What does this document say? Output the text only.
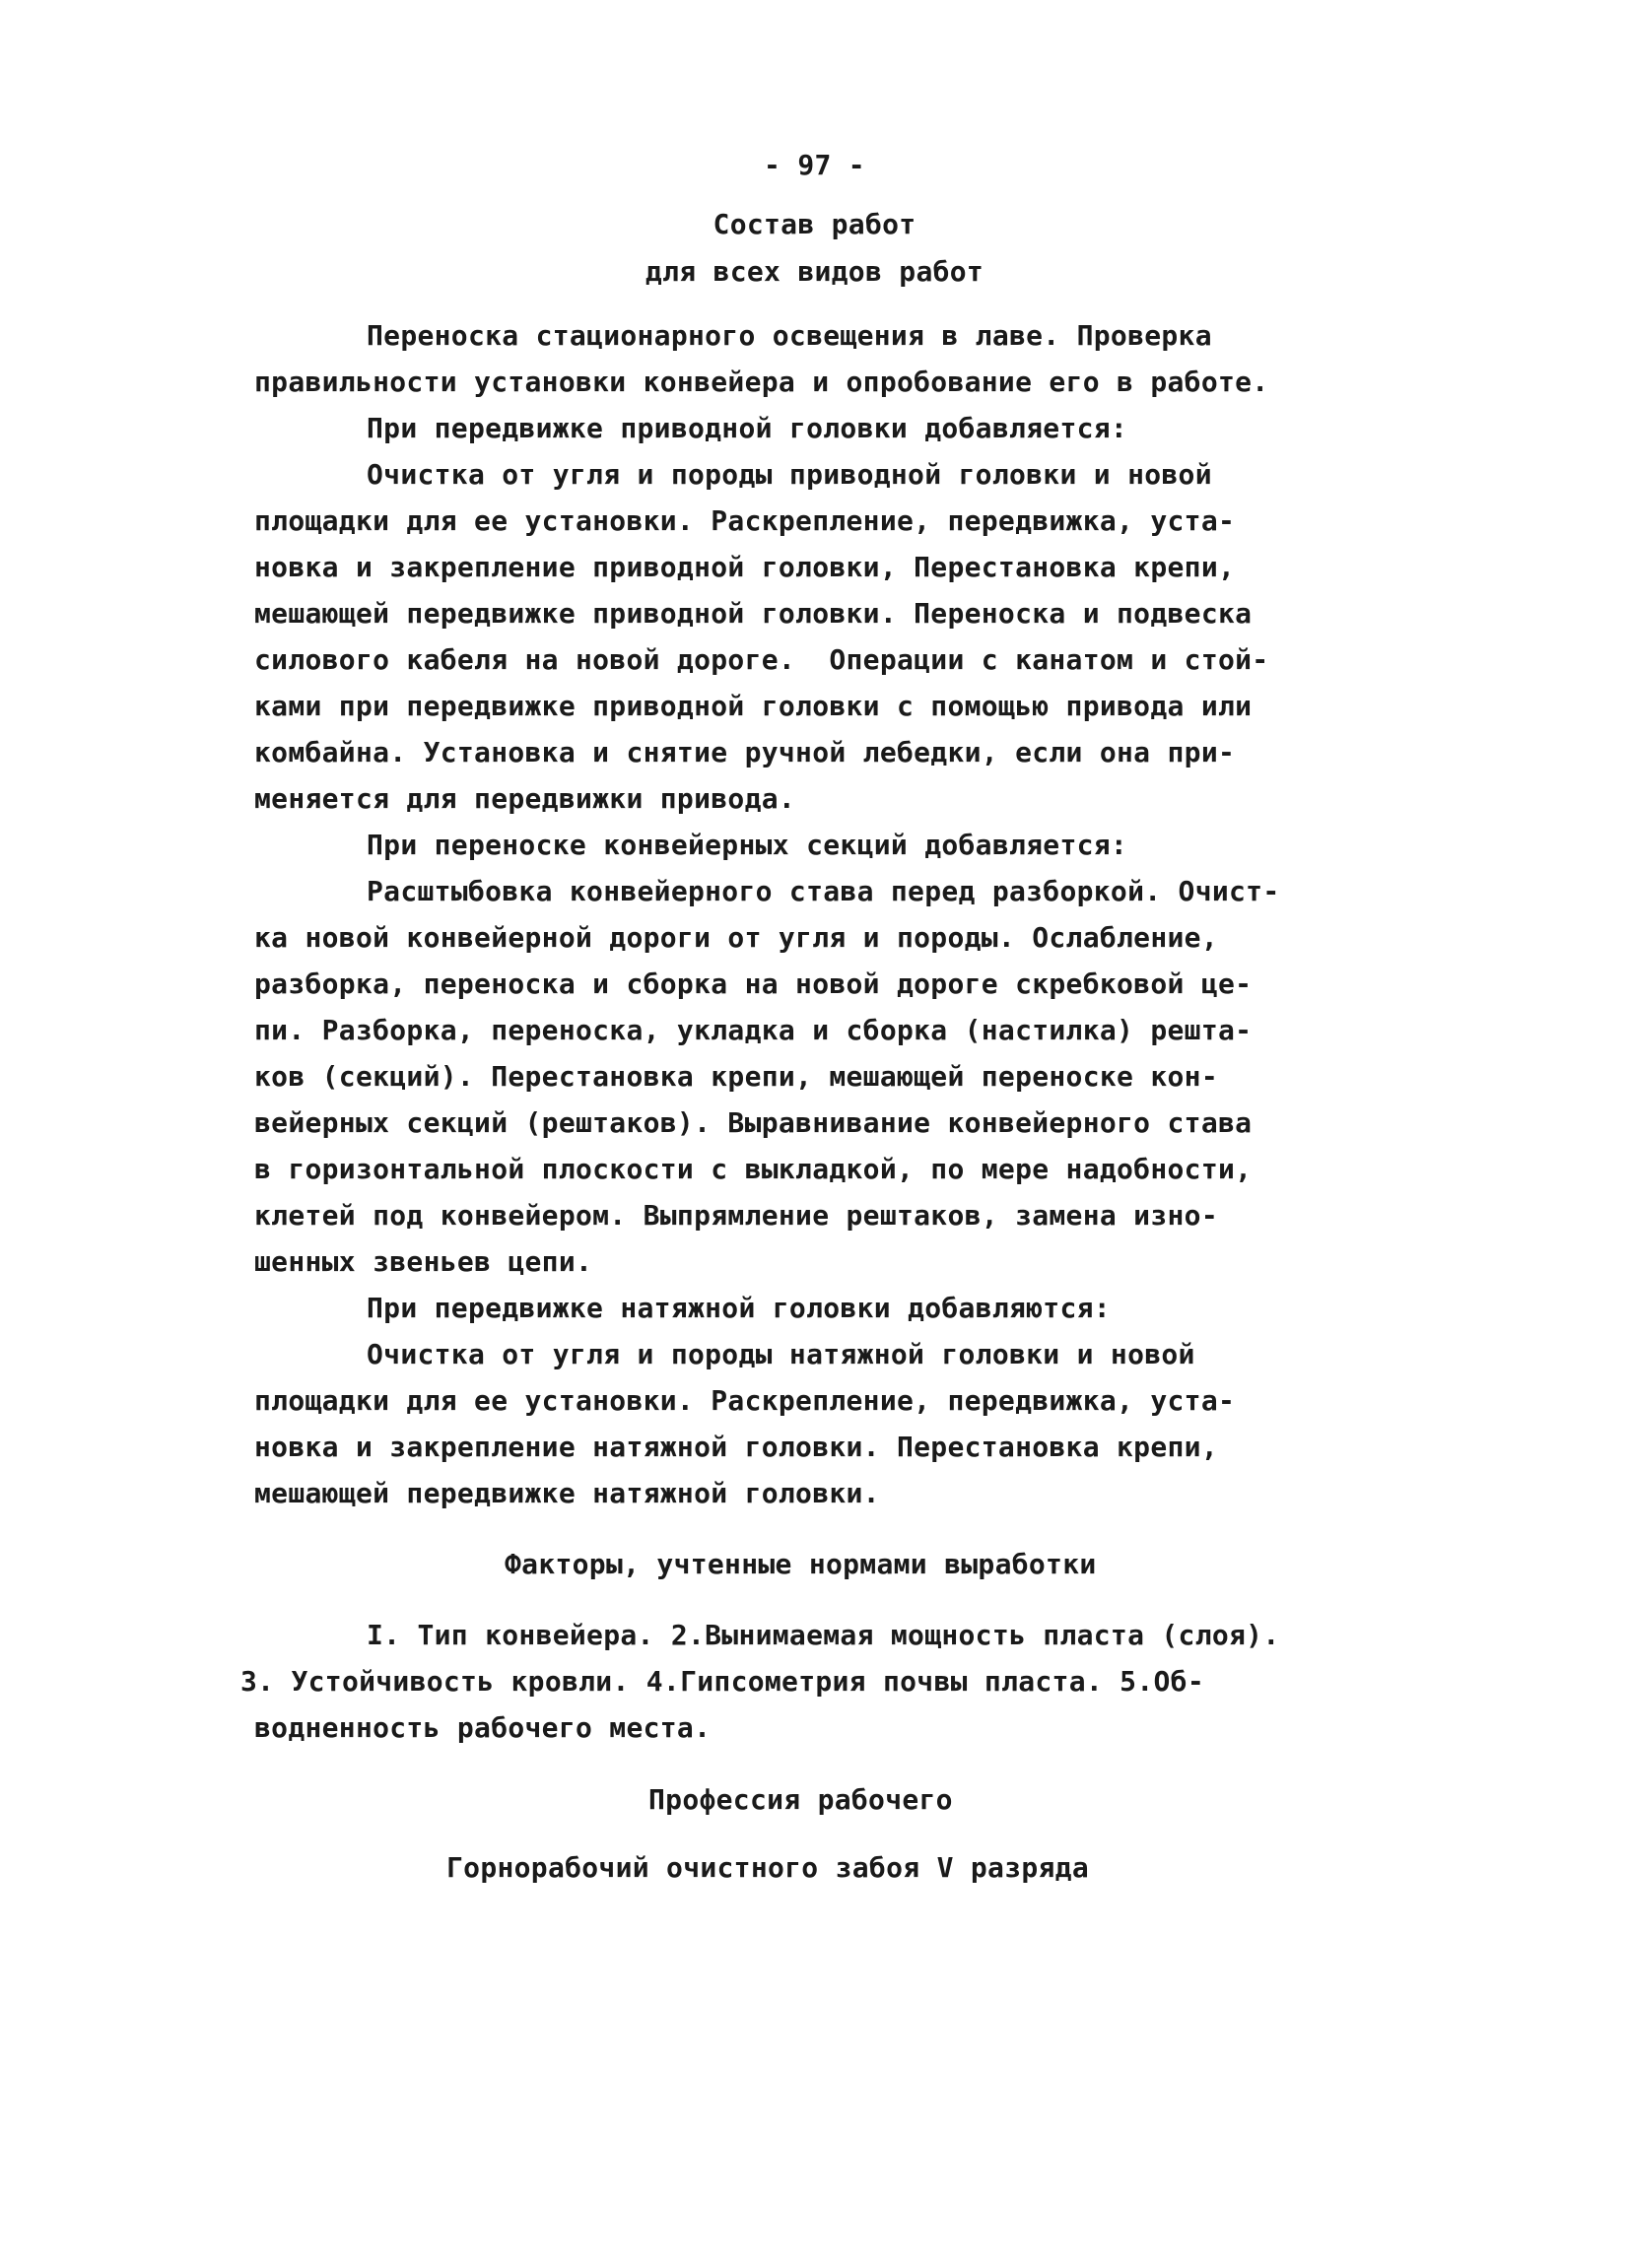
- 97 -
Состав работ
для всех видов работ
Переноска стационарного освещения в лаве. Проверка
правильности установки конвейера и опробование его в работе.
При передвижке приводной головки добавляется:
Очистка от угля и породы приводной головки и новой
площадки для ее установки. Раскрепление, передвижка, уста-
новка и закрепление приводной головки, Перестановка крепи,
мешающей передвижке приводной головки. Переноска и подвеска
силового кабеля на новой дороге.  Операции с канатом и стой-
ками при передвижке приводной головки с помощью привода или
комбайна. Установка и снятие ручной лебедки, если она при-
меняется для передвижки привода.
При переноске конвейерных секций добавляется:
Расштыбовка конвейерного става перед разборкой. Очист-
ка новой конвейерной дороги от угля и породы. Ослабление,
разборка, переноска и сборка на новой дороге скребковой це-
пи. Разборка, переноска, укладка и сборка (настилка) решта-
ков (секций). Перестановка крепи, мешающей переноске кон-
вейерных секций (рештаков). Выравнивание конвейерного става
в горизонтальной плоскости с выкладкой, по мере надобности,
клетей под конвейером. Выпрямление рештаков, замена изно-
шенных звеньев цепи.
При передвижке натяжной головки добавляются:
Очистка от угля и породы натяжной головки и новой
площадки для ее установки. Раскрепление, передвижка, уста-
новка и закрепление натяжной головки. Перестановка крепи,
мешающей передвижке натяжной головки.
Факторы, учтенные нормами выработки
I. Тип конвейера. 2.Вынимаемая мощность пласта (слоя).
3. Устойчивость кровли. 4.Гипсометрия почвы пласта. 5.Об-
водненность рабочего места.
Профессия рабочего
Горнорабочий очистного забоя V разряда
